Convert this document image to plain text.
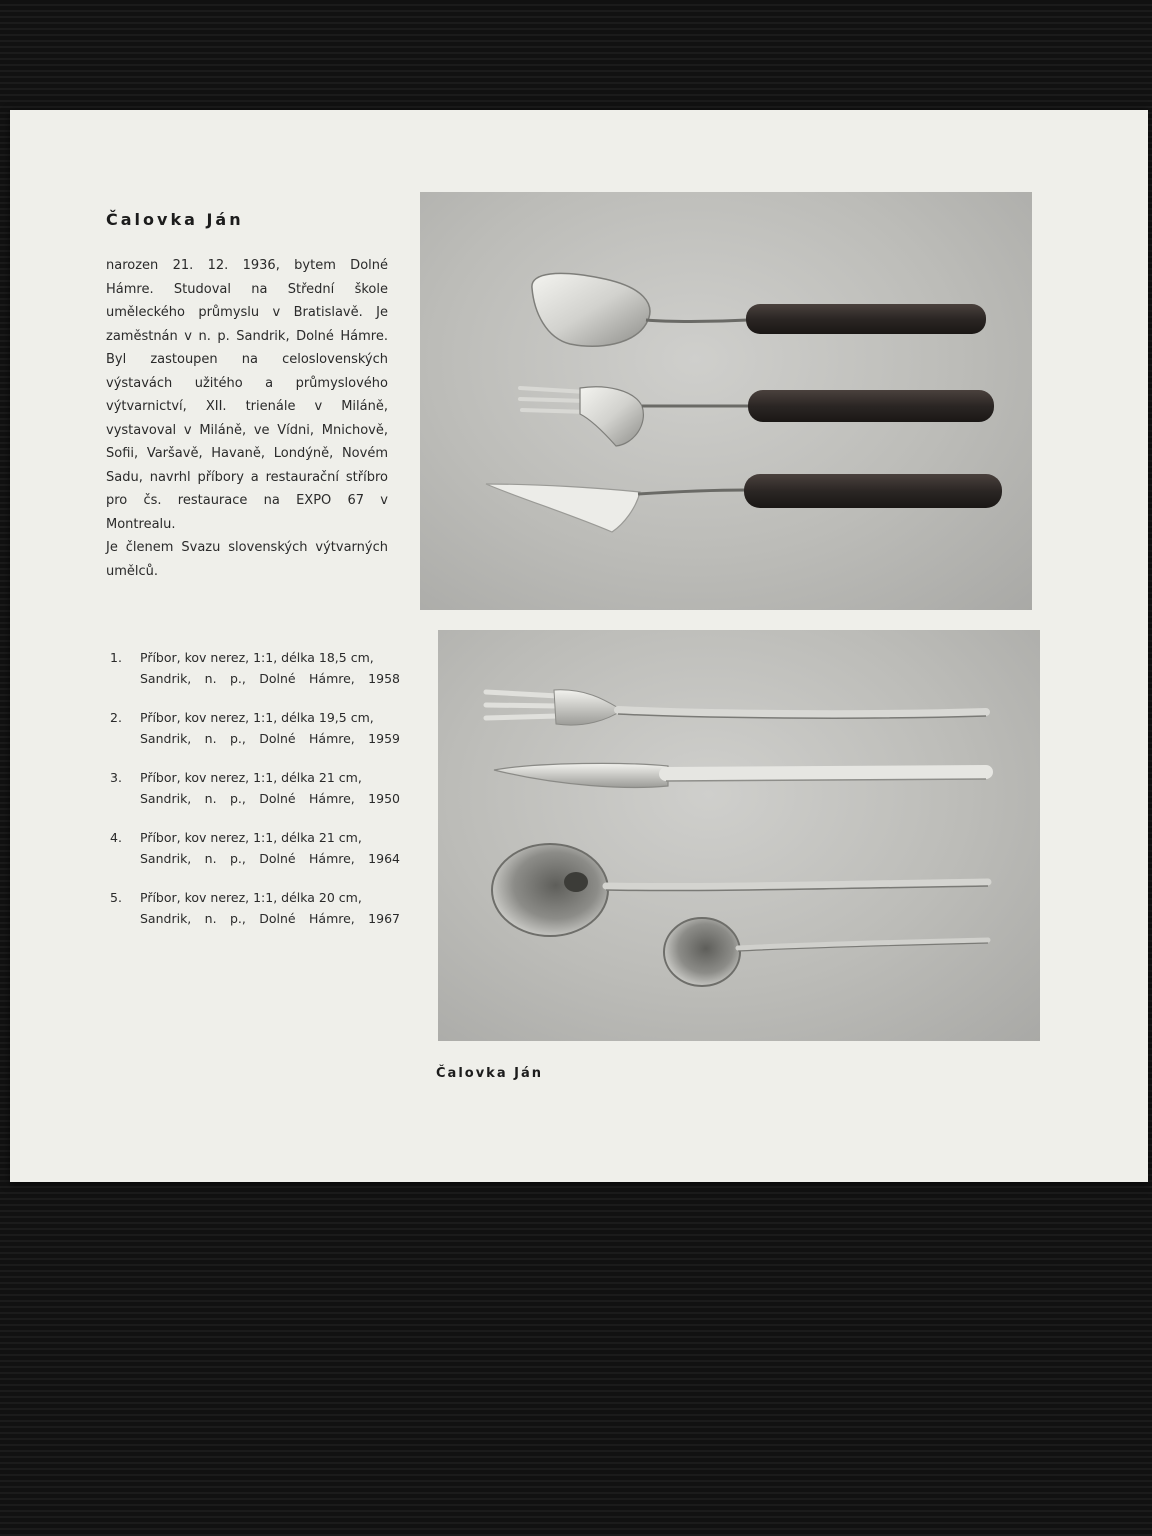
Čalovka Ján

narozen 21. 12. 1936, bytem Dolné Hámre. Studoval na Střední škole uměleckého průmyslu v Bratislavě. Je zaměstnán v n. p. Sandrik, Dolné Hámre. Byl zastoupen na celoslovenských výstavách užitého a průmyslového výtvarnictví, XII. trienále v Miláně, vystavoval v Miláně, ve Vídni, Mnichově, Sofii, Varšavě, Havaně, Londýně, Novém Sadu, navrhl příbory a restaurační stříbro pro čs. restaurace na EXPO 67 v Montrealu.

Je členem Svazu slovenských výtvarných umělců.

1. Příbor, kov nerez, 1:1, délka 18,5 cm,
Sandrik, n. p., Dolné Hámre, 1958
2. Příbor, kov nerez, 1:1, délka 19,5 cm,
Sandrik, n. p., Dolné Hámre, 1959
3. Příbor, kov nerez, 1:1, délka 21 cm,
Sandrik, n. p., Dolné Hámre, 1950
4. Příbor, kov nerez, 1:1, délka 21 cm,
Sandrik, n. p., Dolné Hámre, 1964
5. Příbor, kov nerez, 1:1, délka 20 cm,
Sandrik, n. p., Dolné Hámre, 1967
Čalovka Ján
